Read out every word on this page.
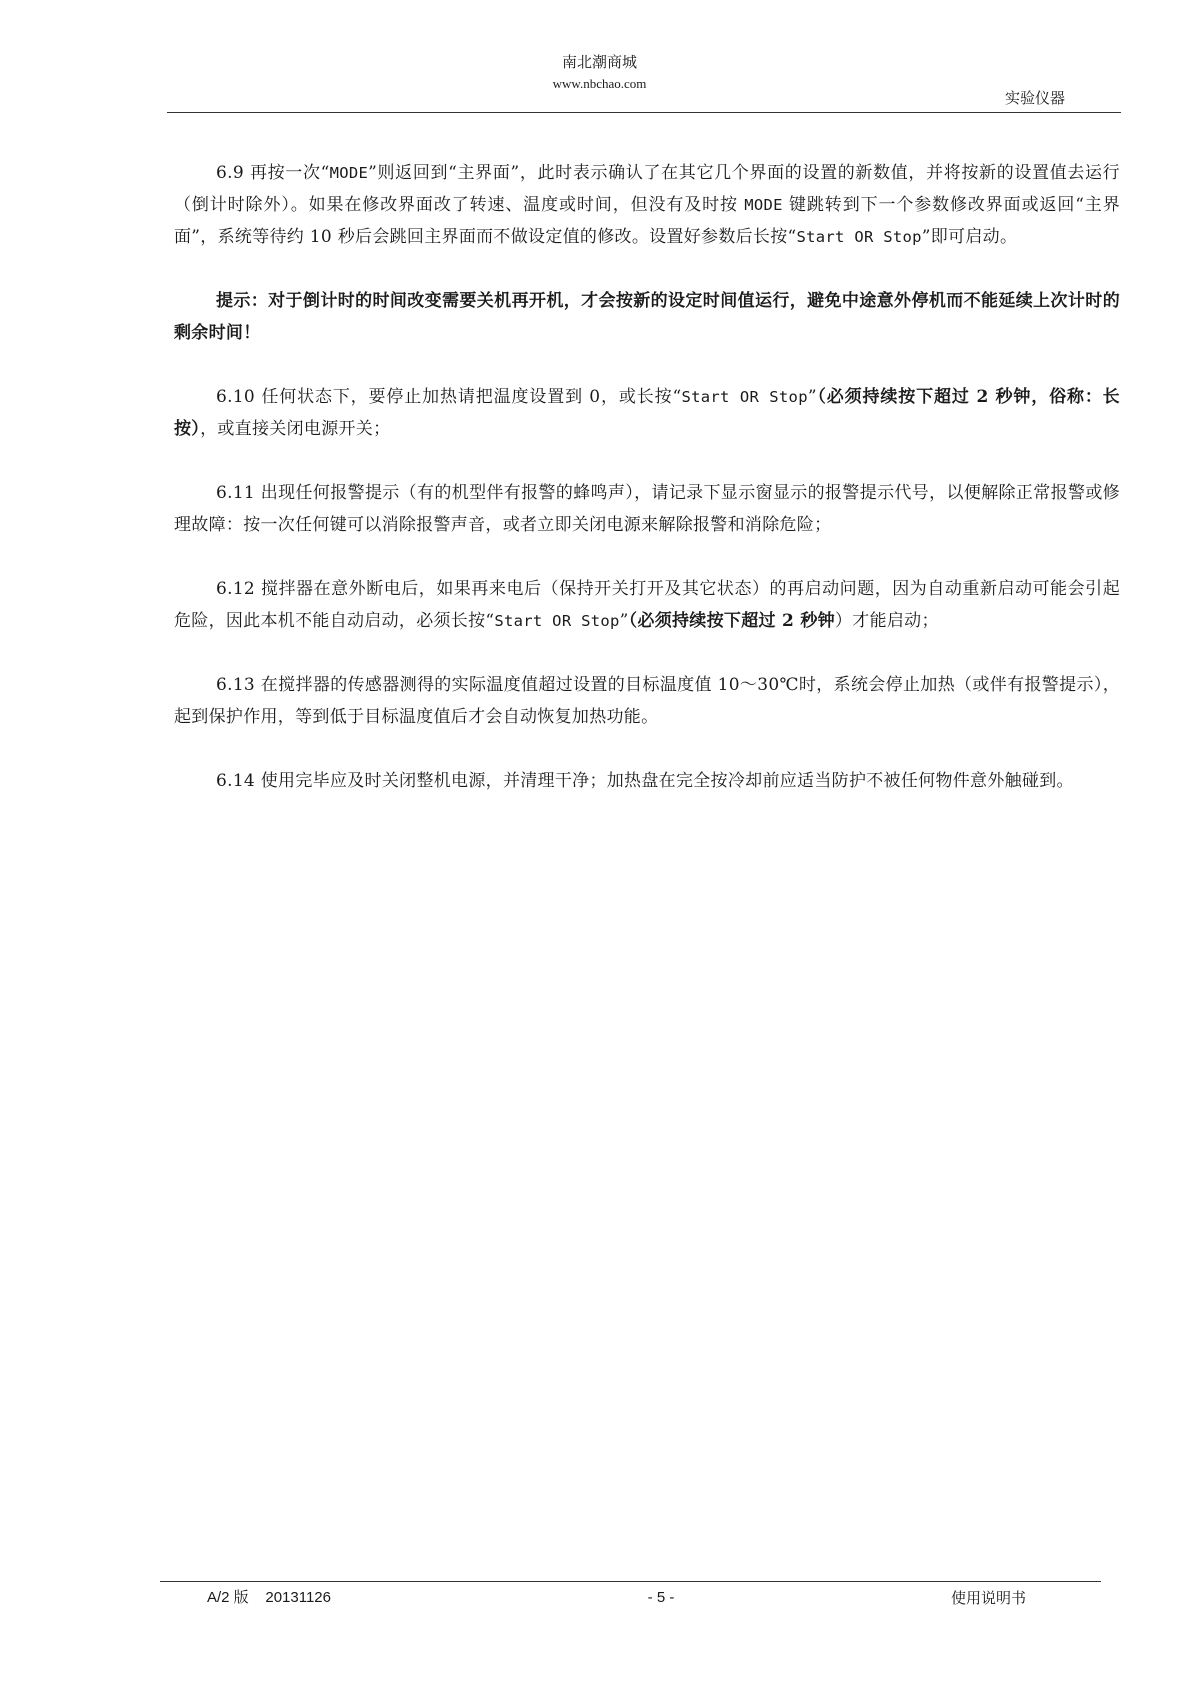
南北潮商城
www.nbchao.com
实验仪器

6.9 再按一次“MODE”则返回到“主界面”，此时表示确认了在其它几个界面的设置的新数值，并将按新的设置值去运行（倒计时除外）。如果在修改界面改了转速、温度或时间，但没有及时按 MODE 键跳转到下一个参数修改界面或返回“主界面”，系统等待约 10 秒后会跳回主界面而不做设定值的修改。设置好参数后长按“Start OR Stop”即可启动。

提示：对于倒计时的时间改变需要关机再开机，才会按新的设定时间值运行，避免中途意外停机而不能延续上次计时的剩余时间！

6.10 任何状态下，要停止加热请把温度设置到 0，或长按“Start OR Stop”（必须持续按下超过 2 秒钟，俗称：长按），或直接关闭电源开关；

6.11 出现任何报警提示（有的机型伴有报警的蜂鸣声），请记录下显示窗显示的报警提示代号，以便解除正常报警或修理故障：按一次任何键可以消除报警声音，或者立即关闭电源来解除报警和消除危险；

6.12 搅拌器在意外断电后，如果再来电后（保持开关打开及其它状态）的再启动问题，因为自动重新启动可能会引起危险，因此本机不能自动启动，必须长按“Start OR Stop”（必须持续按下超过 2 秒钟）才能启动；

6.13 在搅拌器的传感器测得的实际温度值超过设置的目标温度值 10～30℃时，系统会停止加热（或伴有报警提示），起到保护作用，等到低于目标温度值后才会自动恢复加热功能。

6.14 使用完毕应及时关闭整机电源，并清理干净；加热盘在完全按冷却前应适当防护不被任何物件意外触碰到。

A/2 版    20131126	- 5 -	使用说明书
